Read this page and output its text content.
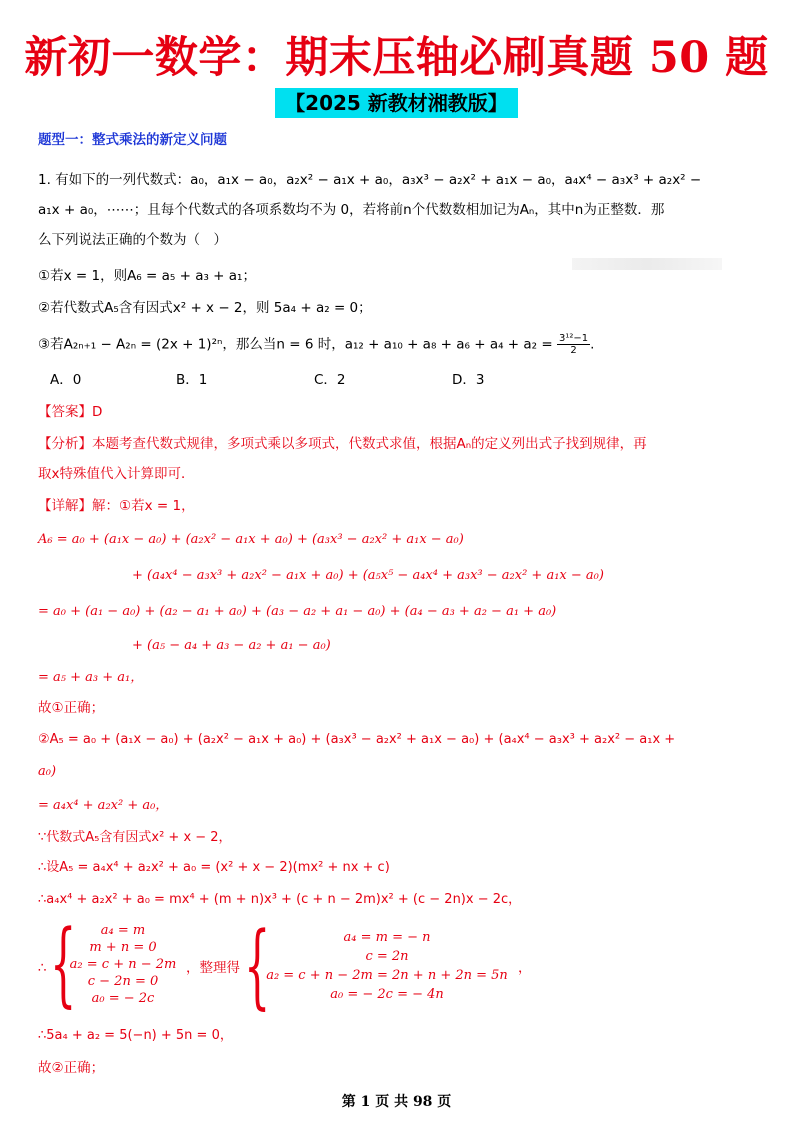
新初一数学：期末压轴必刷真题 50 题
【2025 新教材湘教版】
题型一：整式乘法的新定义问题
1. 有如下的一列代数式：a₀，a₁x − a₀，a₂x² − a₁x + a₀，a₃x³ − a₂x² + a₁x − a₀，a₄x⁴ − a₃x³ + a₂x² −
a₁x + a₀，⋯⋯；且每个代数式的各项系数均不为 0，若将前n个代数数相加记为Aₙ，其中n为正整数．那
么下列说法正确的个数为（　）
①若x = 1，则A₆ = a₅ + a₃ + a₁；
②若代数式A₅含有因式x² + x − 2，则 5a₄ + a₂ = 0；
③若A₂ₙ₊₁ − A₂ₙ = (2x + 1)²ⁿ，那么当n = 6 时，$a_{12} + a_{10} + a_8 + a_6 + a_4 + a_2 = \frac{\text{3¹²−1}}{2}$ .
A．0	B．1	C．2	D．3
【答案】D
【分析】本题考查代数式规律，多项式乘以多项式，代数式求值，根据Aₙ的定义列出式子找到规律，再
取x特殊值代入计算即可．
【详解】解：①若x = 1，
A₆ = a₀ + (a₁x − a₀) + (a₂x² − a₁x + a₀) + (a₃x³ − a₂x² + a₁x − a₀)
+ (a₄x⁴ − a₃x³ + a₂x² − a₁x + a₀) + (a₅x⁵ − a₄x⁴ + a₃x³ − a₂x² + a₁x − a₀)
= a₀ + (a₁ − a₀) + (a₂ − a₁ + a₀) + (a₃ − a₂ + a₁ − a₀) + (a₄ − a₃ + a₂ − a₁ + a₀)
+ (a₅ − a₄ + a₃ − a₂ + a₁ − a₀)
= a₅ + a₃ + a₁，
故①正确；
②A₅ = a₀ + (a₁x − a₀) + (a₂x² − a₁x + a₀) + (a₃x³ − a₂x² + a₁x − a₀) + (a₄x⁴ − a₃x³ + a₂x² − a₁x +
a₀)
= a₄x⁴ + a₂x² + a₀，
∵代数式A₅含有因式x² + x − 2，
∴设A₅ = a₄x⁴ + a₂x² + a₀ = (x² + x − 2)(mx² + nx + c)
∴a₄x⁴ + a₂x² + a₀ = mx⁴ + (m + n)x³ + (c + n − 2m)x² + (c − 2n)x − 2c，
∴ {	a₄ = m
m + n = 0
a₂ = c + n − 2m
c − 2n = 0
a₀ = − 2c
，整理得 {	a₄ = m = − n
c = 2n
a₂ = c + n − 2m = 2n + n + 2n = 5n
a₀ = − 2c = − 4n
，
∴5a₄ + a₂ = 5(−n) + 5n = 0，
故②正确；
第 1 页 共 98 页
